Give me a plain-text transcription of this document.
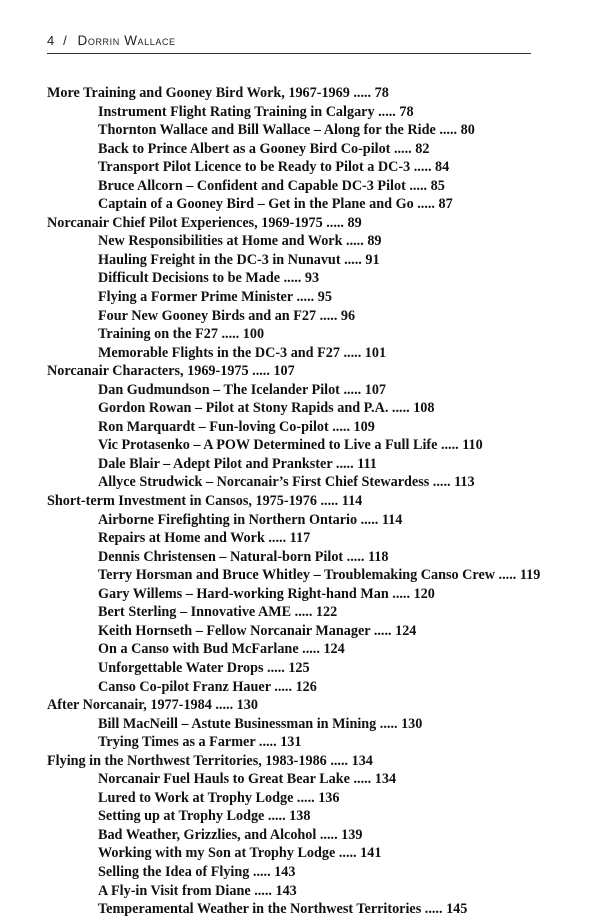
4 / Dorrin Wallace
More Training and Gooney Bird Work, 1967-1969 ..... 78
Instrument Flight Rating Training in Calgary ..... 78
Thornton Wallace and Bill Wallace – Along for the Ride ..... 80
Back to Prince Albert as a Gooney Bird Co-pilot ..... 82
Transport Pilot Licence to be Ready to Pilot a DC-3 ..... 84
Bruce Allcorn – Confident and Capable DC-3 Pilot ..... 85
Captain of a Gooney Bird – Get in the Plane and Go ..... 87
Norcanair Chief Pilot Experiences, 1969-1975 ..... 89
New Responsibilities at Home and Work ..... 89
Hauling Freight in the DC-3 in Nunavut ..... 91
Difficult Decisions to be Made ..... 93
Flying a Former Prime Minister ..... 95
Four New Gooney Birds and an F27 ..... 96
Training on the F27 ..... 100
Memorable Flights in the DC-3 and F27 ..... 101
Norcanair Characters, 1969-1975 ..... 107
Dan Gudmundson – The Icelander Pilot ..... 107
Gordon Rowan – Pilot at Stony Rapids and P.A. ..... 108
Ron Marquardt – Fun-loving Co-pilot ..... 109
Vic Protasenko – A POW Determined to Live a Full Life ..... 110
Dale Blair – Adept Pilot and Prankster ..... 111
Allyce Strudwick – Norcanair’s First Chief Stewardess ..... 113
Short-term Investment in Cansos, 1975-1976 ..... 114
Airborne Firefighting in Northern Ontario ..... 114
Repairs at Home and Work ..... 117
Dennis Christensen – Natural-born Pilot ..... 118
Terry Horsman and Bruce Whitley – Troublemaking Canso Crew ..... 119
Gary Willems – Hard-working Right-hand Man ..... 120
Bert Sterling – Innovative AME ..... 122
Keith Hornseth – Fellow Norcanair Manager ..... 124
On a Canso with Bud McFarlane ..... 124
Unforgettable Water Drops ..... 125
Canso Co-pilot Franz Hauer ..... 126
After Norcanair, 1977-1984 ..... 130
Bill MacNeill – Astute Businessman in Mining ..... 130
Trying Times as a Farmer ..... 131
Flying in the Northwest Territories, 1983-1986 ..... 134
Norcanair Fuel Hauls to Great Bear Lake ..... 134
Lured to Work at Trophy Lodge ..... 136
Setting up at Trophy Lodge ..... 138
Bad Weather, Grizzlies, and Alcohol ..... 139
Working with my Son at Trophy Lodge ..... 141
Selling the Idea of Flying ..... 143
A Fly-in Visit from Diane ..... 143
Temperamental Weather in the Northwest Territories ..... 145
